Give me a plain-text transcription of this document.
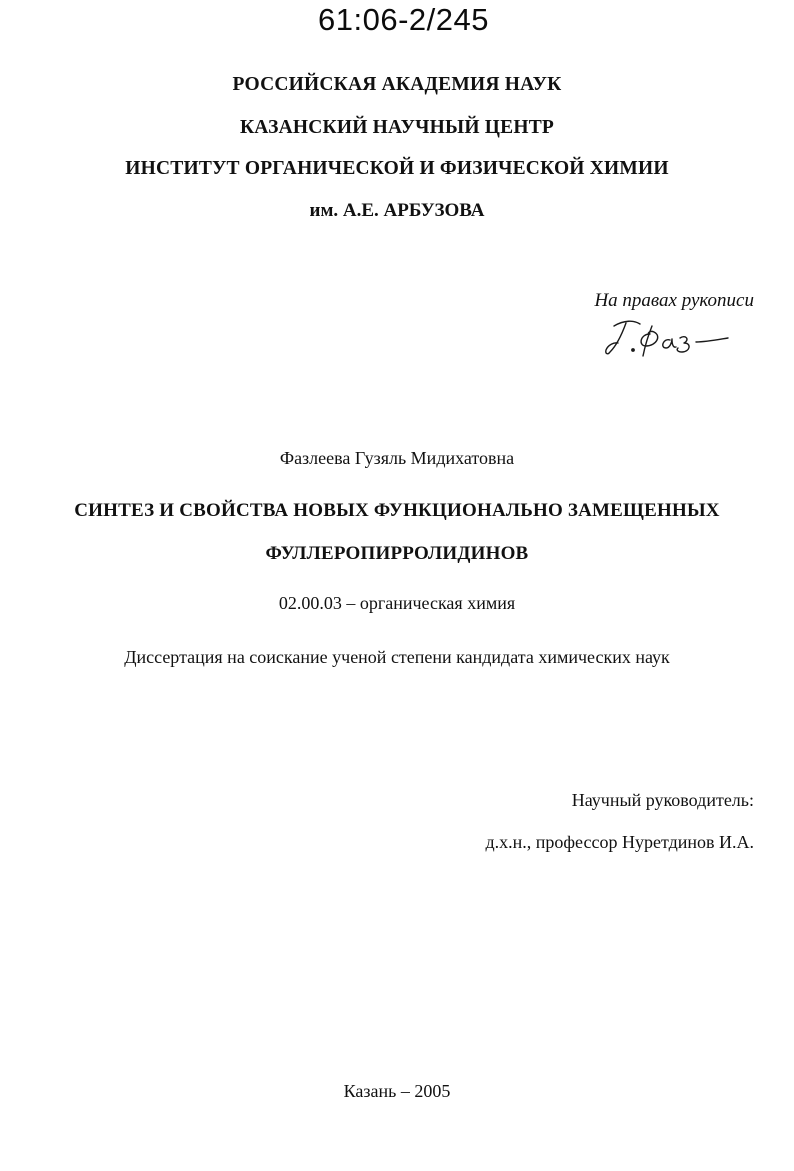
61:06-2/245
РОССИЙСКАЯ АКАДЕМИЯ НАУК
КАЗАНСКИЙ НАУЧНЫЙ ЦЕНТР
ИНСТИТУТ ОРГАНИЧЕСКОЙ И ФИЗИЧЕСКОЙ ХИМИИ
им. А.Е. АРБУЗОВА
На правах рукописи
Фазлеева Гузяль Мидихатовна
СИНТЕЗ И СВОЙСТВА НОВЫХ ФУНКЦИОНАЛЬНО ЗАМЕЩЕННЫХ
ФУЛЛЕРОПИРРОЛИДИНОВ
02.00.03 – органическая химия
Диссертация на соискание ученой степени кандидата химических наук
Научный руководитель:
д.х.н., профессор Нуретдинов И.А.
Казань – 2005
